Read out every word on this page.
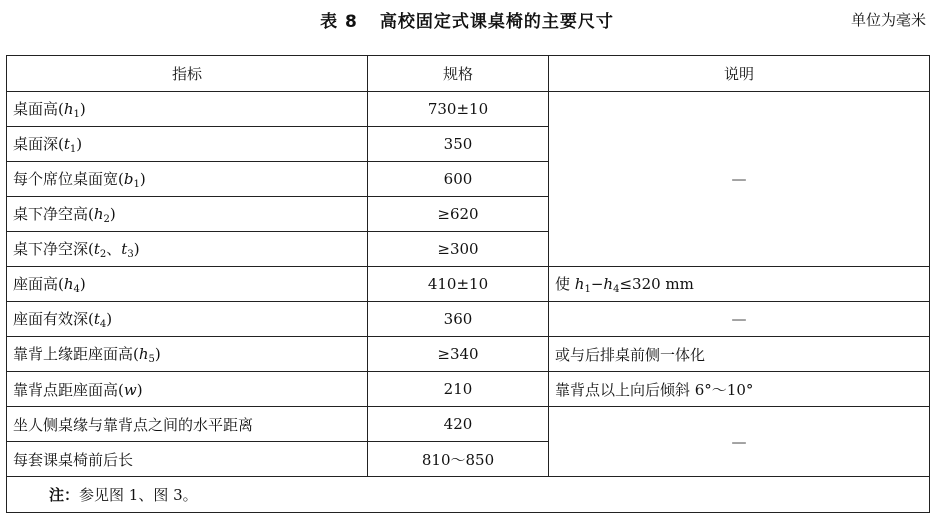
表 8 高校固定式课桌椅的主要尺寸	单位为毫米
指标	规格	说明
桌面高$(h_1)$	730±10	—
桌面深$(t_1)$	350	
每个席位桌面宽$(b_1)$	600	
桌下净空高$(h_2)$	≥620	
桌下净空深($t_2$、$t_3$)	≥300	
座面高$(h_4)$	410±10	使 $h_1-h_4\le 320$ mm
座面有效深$(t_4)$	360	—
靠背上缘距座面高$(h_5)$	≥340	或与后排桌前侧一体化
靠背点距座面高(w)	210	靠背点以上向后倾斜 6°～10°
坐人侧桌缘与靠背点之间的水平距离	420	—
每套课桌椅前后长	810～850	
注：参见图 1、图 3。		
